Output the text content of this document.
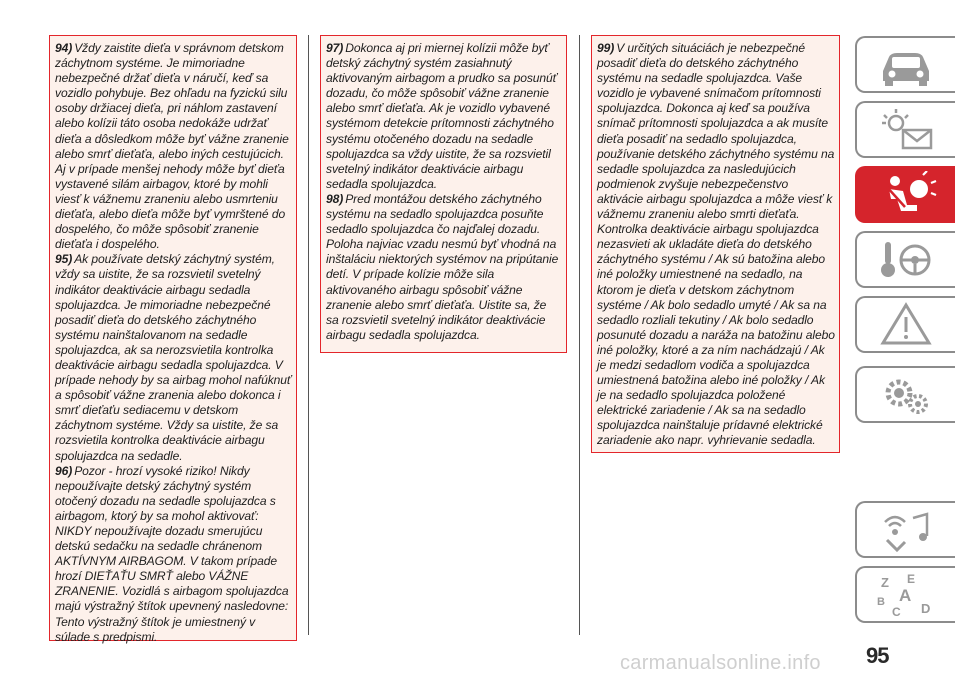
94) Vždy zaistite dieťa v správnom detskom záchytnom systéme. Je mimoriadne nebezpečné držať dieťa v náručí, keď sa vozidlo pohybuje. Bez ohľadu na fyzickú silu osoby držiacej dieťa, pri náhlom zastavení alebo kolízii táto osoba nedokáže udržať dieťa a dôsledkom môže byť vážne zranenie alebo smrť dieťaťa, alebo iných cestujúcich. Aj v prípade menšej nehody môže byť dieťa vystavené silám airbagov, ktoré by mohli viesť k vážnemu zraneniu alebo usmrteniu dieťaťa, alebo dieťa môže byť vymrštené do dospelého, čo môže spôsobiť zranenie dieťaťa i dospelého.

95) Ak používate detský záchytný systém, vždy sa uistite, že sa rozsvietil svetelný indikátor deaktivácie airbagu sedadla spolujazdca. Je mimoriadne nebezpečné posadiť dieťa do detského záchytného systému nainštalovanom na sedadle spolujazdca, ak sa nerozsvietila kontrolka deaktivácie airbagu sedadla spolujazdca. V prípade nehody by sa airbag mohol nafúknuť a spôsobiť vážne zranenia alebo dokonca i smrť dieťaťu sediacemu v detskom záchytnom systéme. Vždy sa uistite, že sa rozsvietila kontrolka deaktivácie airbagu spolujazdca na sedadle.

96) Pozor - hrozí vysoké riziko! Nikdy nepoužívajte detský záchytný systém otočený dozadu na sedadle spolujazdca s airbagom, ktorý by sa mohol aktivovať: NIKDY nepoužívajte dozadu smerujúcu detskú sedačku na sedadle chránenom AKTÍVNYM AIRBAGOM. V takom prípade hrozí DIEŤAŤU SMRŤ alebo VÁŽNE ZRANENIE. Vozidlá s airbagom spolujazdca majú výstražný štítok upevnený nasledovne: Tento výstražný štítok je umiestnený v súlade s predpismi.

97) Dokonca aj pri miernej kolízii môže byť detský záchytný systém zasiahnutý aktivovaným airbagom a prudko sa posunúť dozadu, čo môže spôsobiť vážne zranenie alebo smrť dieťaťa. Ak je vozidlo vybavené systémom detekcie prítomnosti záchytného systému otočeného dozadu na sedadle spolujazdca sa vždy uistite, že sa rozsvietil svetelný indikátor deaktivácie airbagu sedadla spolujazdca.

98) Pred montážou detského záchytného systému na sedadlo spolujazdca posuňte sedadlo spolujazdca čo najďalej dozadu. Poloha najviac vzadu nesmú byť vhodná na inštaláciu niektorých systémov na pripútanie detí. V prípade kolízie môže sila aktivovaného airbagu spôsobiť vážne zranenie alebo smrť dieťaťa. Uistite sa, že sa rozsvietil svetelný indikátor deaktivácie airbagu sedadla spolujazdca.

99) V určitých situáciách je nebezpečné posadiť dieťa do detského záchytného systému na sedadle spolujazdca. Vaše vozidlo je vybavené snímačom prítomnosti spolujazdca. Dokonca aj keď sa používa snímač prítomnosti spolujazdca a ak musíte dieťa posadiť na sedadlo spolujazdca, používanie detského záchytného systému na sedadle spolujazdca za nasledujúcich podmienok zvyšuje nebezpečenstvo aktivácie airbagu spolujazdca a môže viesť k vážnemu zraneniu alebo smrti dieťaťa. Kontrolka deaktivácie airbagu spolujazdca nezasvieti ak ukladáte dieťa do detského záchytného systému / Ak sú batožina alebo iné položky umiestnené na sedadlo, na ktorom je dieťa v detskom záchytnom systéme / Ak bolo sedadlo umyté / Ak sa na sedadlo rozliali tekutiny / Ak bolo sedadlo posunuté dozadu a naráža na batožinu alebo iné položky, ktoré a za ním nachádzajú / Ak je medzi sedadlom vodiča a spolujazdca umiestnená batožina alebo iné položky / Ak je na sedadlo spolujazdca položené elektrické zariadenie / Ak sa na sedadlo spolujazdca nainštaluje prídavné elektrické zariadenie ako napr. vyhrievanie sedadla.

Z E
B A
C D
95
carmanualsonline.info
